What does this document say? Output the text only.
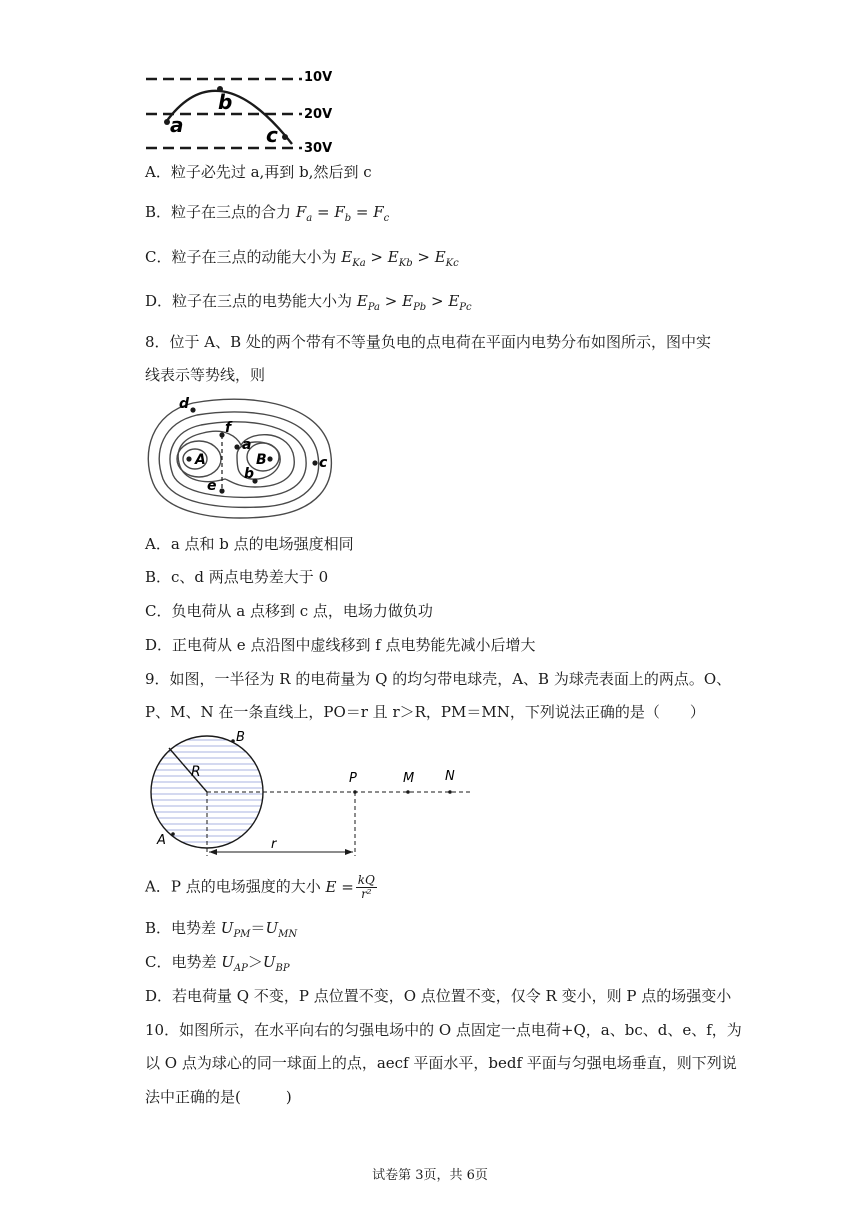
10V
20V
30V
a
b
c
A．粒子必先过 a,再到 b,然后到 c
B．粒子在三点的合力 $F_a = F_b = F_c$
C．粒子在三点的动能大小为 $E_{Ka} > E_{Kb} > E_{Kc}$
D．粒子在三点的电势能大小为 $E_{Pa} > E_{Pb} > E_{Pc}$
8．位于 A、B 处的两个带有不等量负电的点电荷在平面内电势分布如图所示，图中实
线表示等势线，则
d
f
a
A	B
b
c
e
A．a 点和 b 点的电场强度相同
B．c、d 两点电势差大于 0
C．负电荷从 a 点移到 c 点，电场力做负功
D．正电荷从 e 点沿图中虚线移到 f 点电势能先减小后增大
9．如图，一半径为 R 的电荷量为 Q 的均匀带电球壳，A、B 为球壳表面上的两点。O、
P、M、N 在一条直线上，PO＝r 且 r＞R，PM＝MN，下列说法正确的是（　　）
B
R	P	M N
A	r
A．P 点的电场强度的大小 $E = \frac{kQ}{\text{r²}}$
B．电势差 $U_{PM}=U_{MN}$
C．电势差 $U_{AP}>U_{BP}$
D．若电荷量 Q 不变，P 点位置不变，O 点位置不变，仅令 R 变小，则 P 点的场强变小
10．如图所示，在水平向右的匀强电场中的 O 点固定一点电荷+Q，a、bc、d、e、f，为
以 O 点为球心的同一球面上的点，aecf 平面水平，bedf 平面与匀强电场垂直，则下列说
法中正确的是(　　　)
试卷第 3页，共 6页
